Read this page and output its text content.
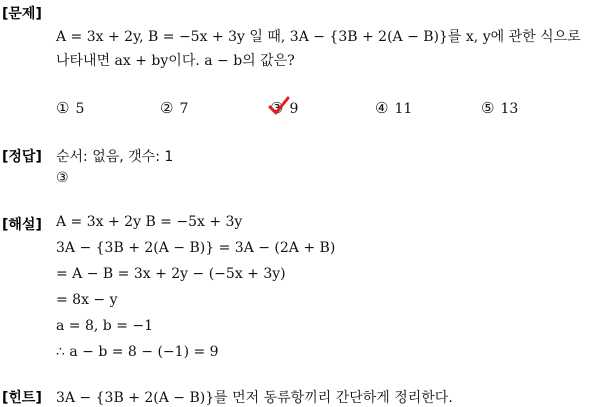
[문제]
A = 3x + 2y, B = −5x + 3y 일 때, 3A − {3B + 2(A − B)}를 x, y에 관한 식으로
나타내면 ax + by이다. a − b의 값은?
① 5	② 7	③ 9	④ 11	⑤ 13
[정답] 순서: 없음, 갯수: 1
③
[해설] A = 3x + 2y B = −5x + 3y
3A − {3B + 2(A − B)} = 3A − (2A + B)
= A − B = 3x + 2y − (−5x + 3y)
= 8x − y
a = 8, b = −1
∴ a − b = 8 − (−1) = 9
[힌트] 3A − {3B + 2(A − B)}를 먼저 동류항끼리 간단하게 정리한다.
